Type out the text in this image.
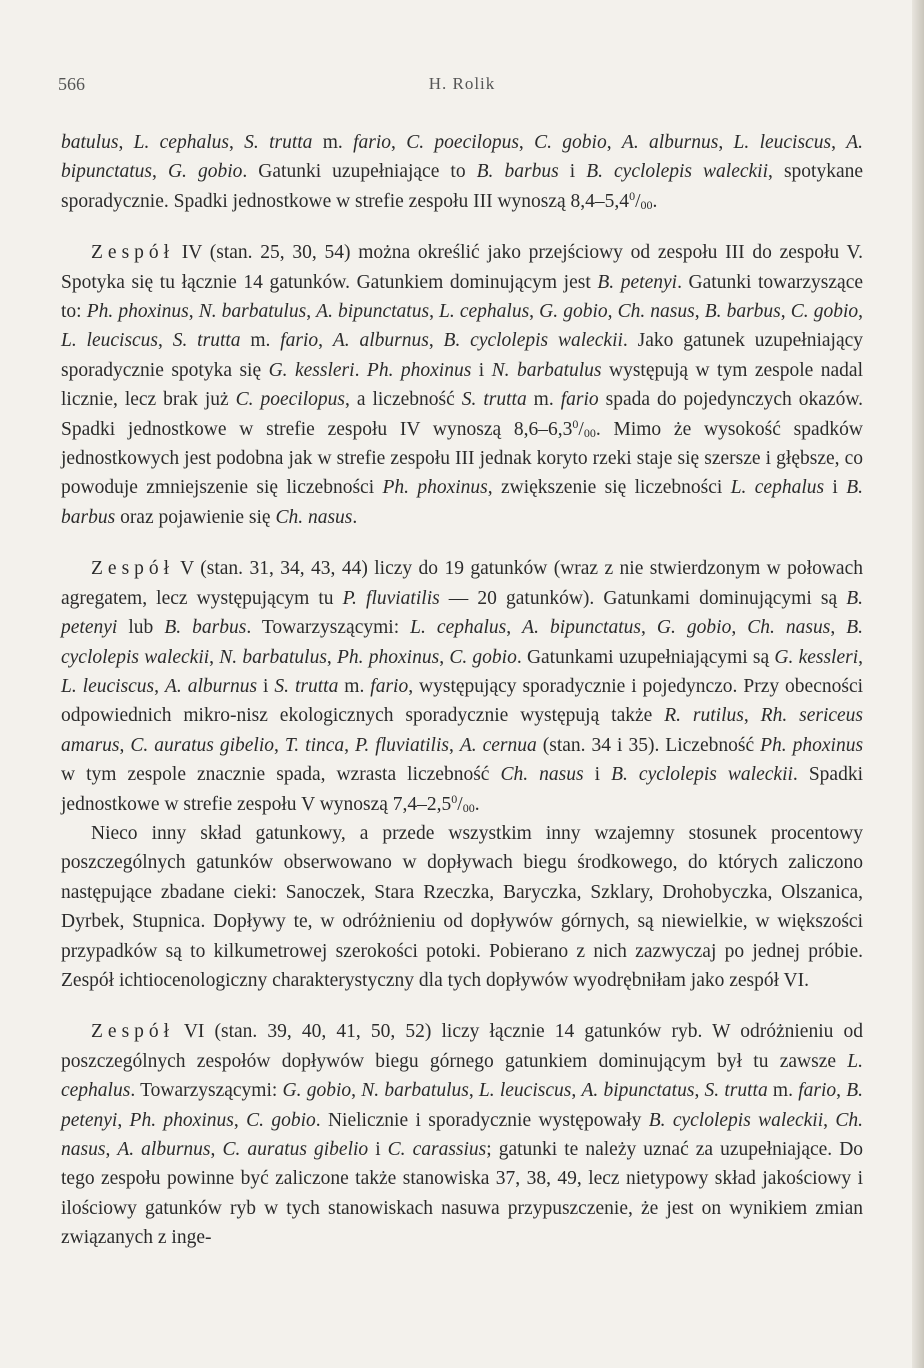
566	H. Rolik

batulus, L. cephalus, S. trutta m. fario, C. poecilopus, C. gobio, A. alburnus, L. leuciscus, A. bipunctatus, G. gobio. Gatunki uzupełniające to B. barbus i B. cyclolepis waleckii, spotykane sporadycznie. Spadki jednostkowe w strefie zespołu III wynoszą $8,4-5,4^0/_{00}$.

Zespół IV (stan. 25, 30, 54) można określić jako przejściowy od zespołu III do zespołu V. Spotyka się tu łącznie 14 gatunków. Gatunkiem dominującym jest B. petenyi. Gatunki towarzyszące to: Ph. phoxinus, N. barbatulus, A. bipunctatus, L. cephalus, G. gobio, Ch. nasus, B. barbus, C. gobio, L. leuciscus, S. trutta m. fario, A. alburnus, B. cyclolepis waleckii. Jako gatunek uzupełniający sporadycznie spotyka się G. kessleri. Ph. phoxinus i N. barbatulus występują w tym zespole nadal licznie, lecz brak już C. poecilopus, a liczebność S. trutta m. fario spada do pojedynczych okazów. Spadki jednostkowe w strefie zespołu IV wynoszą $8,6-6,3^0/_{00}$. Mimo że wysokość spadków jednostkowych jest podobna jak w strefie zespołu III jednak koryto rzeki staje się szersze i głębsze, co powoduje zmniejszenie się liczebności Ph. phoxinus, zwiększenie się liczebności L. cephalus i B. barbus oraz pojawienie się Ch. nasus.

Zespół V (stan. 31, 34, 43, 44) liczy do 19 gatunków (wraz z nie stwierdzonym w połowach agregatem, lecz występującym tu P. fluviatilis — 20 gatunków). Gatunkami dominującymi są B. petenyi lub B. barbus. Towarzyszącymi: L. cephalus, A. bipunctatus, G. gobio, Ch. nasus, B. cyclolepis waleckii, N. barbatulus, Ph. phoxinus, C. gobio. Gatunkami uzupełniającymi są G. kessleri, L. leuciscus, A. alburnus i S. trutta m. fario, występujący sporadycznie i pojedynczo. Przy obecności odpowiednich mikro-nisz ekologicznych sporadycznie występują także R. rutilus, Rh. sericeus amarus, C. auratus gibelio, T. tinca, P. fluviatilis, A. cernua (stan. 34 i 35). Liczebność Ph. phoxinus w tym zespole znacznie spada, wzrasta liczebność Ch. nasus i B. cyclolepis waleckii. Spadki jednostkowe w strefie zespołu V wynoszą $7,4-2,5^0/_{00}$.

Nieco inny skład gatunkowy, a przede wszystkim inny wzajemny stosunek procentowy poszczególnych gatunków obserwowano w dopływach biegu środkowego, do których zaliczono następujące zbadane cieki: Sanoczek, Stara Rzeczka, Baryczka, Szklary, Drohobyczka, Olszanica, Dyrbek, Stupnica. Dopływy te, w odróżnieniu od dopływów górnych, są niewielkie, w większości przypadków są to kilkumetrowej szerokości potoki. Pobierano z nich zazwyczaj po jednej próbie. Zespół ichtiocenologiczny charakterystyczny dla tych dopływów wyodrębniłam jako zespół VI.

Zespół VI (stan. 39, 40, 41, 50, 52) liczy łącznie 14 gatunków ryb. W odróżnieniu od poszczególnych zespołów dopływów biegu górnego gatunkiem dominującym był tu zawsze L. cephalus. Towarzyszącymi: G. gobio, N. barbatulus, L. leuciscus, A. bipunctatus, S. trutta m. fario, B. petenyi, Ph. phoxinus, C. gobio. Nielicznie i sporadycznie występowały B. cyclolepis waleckii, Ch. nasus, A. alburnus, C. auratus gibelio i C. carassius; gatunki te należy uznać za uzupełniające. Do tego zespołu powinne być zaliczone także stanowiska 37, 38, 49, lecz nietypowy skład jakościowy i ilościowy gatunków ryb w tych stanowiskach nasuwa przypuszczenie, że jest on wynikiem zmian związanych z inge-
